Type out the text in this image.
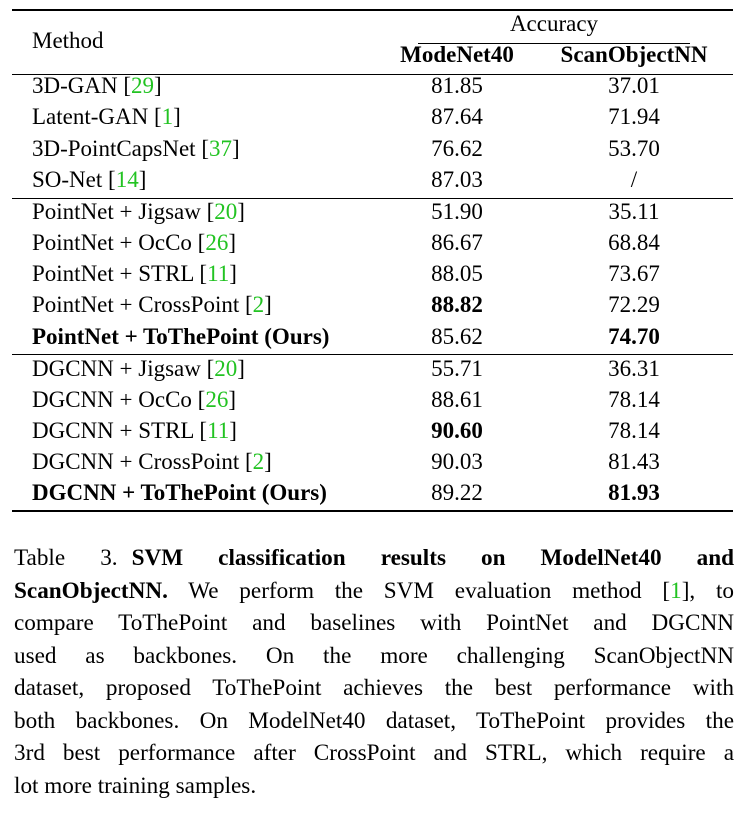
Method
Accuracy
ModeNet40	ScanObjectNN
3D-GAN [29]	81.85	37.01
Latent-GAN [1]	87.64	71.94
3D-PointCapsNet [37]	76.62	53.70
SO-Net [14]	87.03	/
PointNet + Jigsaw [20]	51.90	35.11
PointNet + OcCo [26]	86.67	68.84
PointNet + STRL [11]	88.05	73.67
PointNet + CrossPoint [2]	88.82	72.29
PointNet + ToThePoint (Ours)	85.62	74.70
DGCNN + Jigsaw [20]	55.71	36.31
DGCNN + OcCo [26]	88.61	78.14
DGCNN + STRL [11]	90.60	78.14
DGCNN + CrossPoint [2]	90.03	81.43
DGCNN + ToThePoint (Ours)	89.22	81.93
Table 3. SVM classification results on ModelNet40 and
ScanObjectNN. We perform the SVM evaluation method [1], to
compare ToThePoint and baselines with PointNet and DGCNN
used as backbones. On the more challenging ScanObjectNN
dataset, proposed ToThePoint achieves the best performance with
both backbones. On ModelNet40 dataset, ToThePoint provides the
3rd best performance after CrossPoint and STRL, which require a
lot more training samples.
